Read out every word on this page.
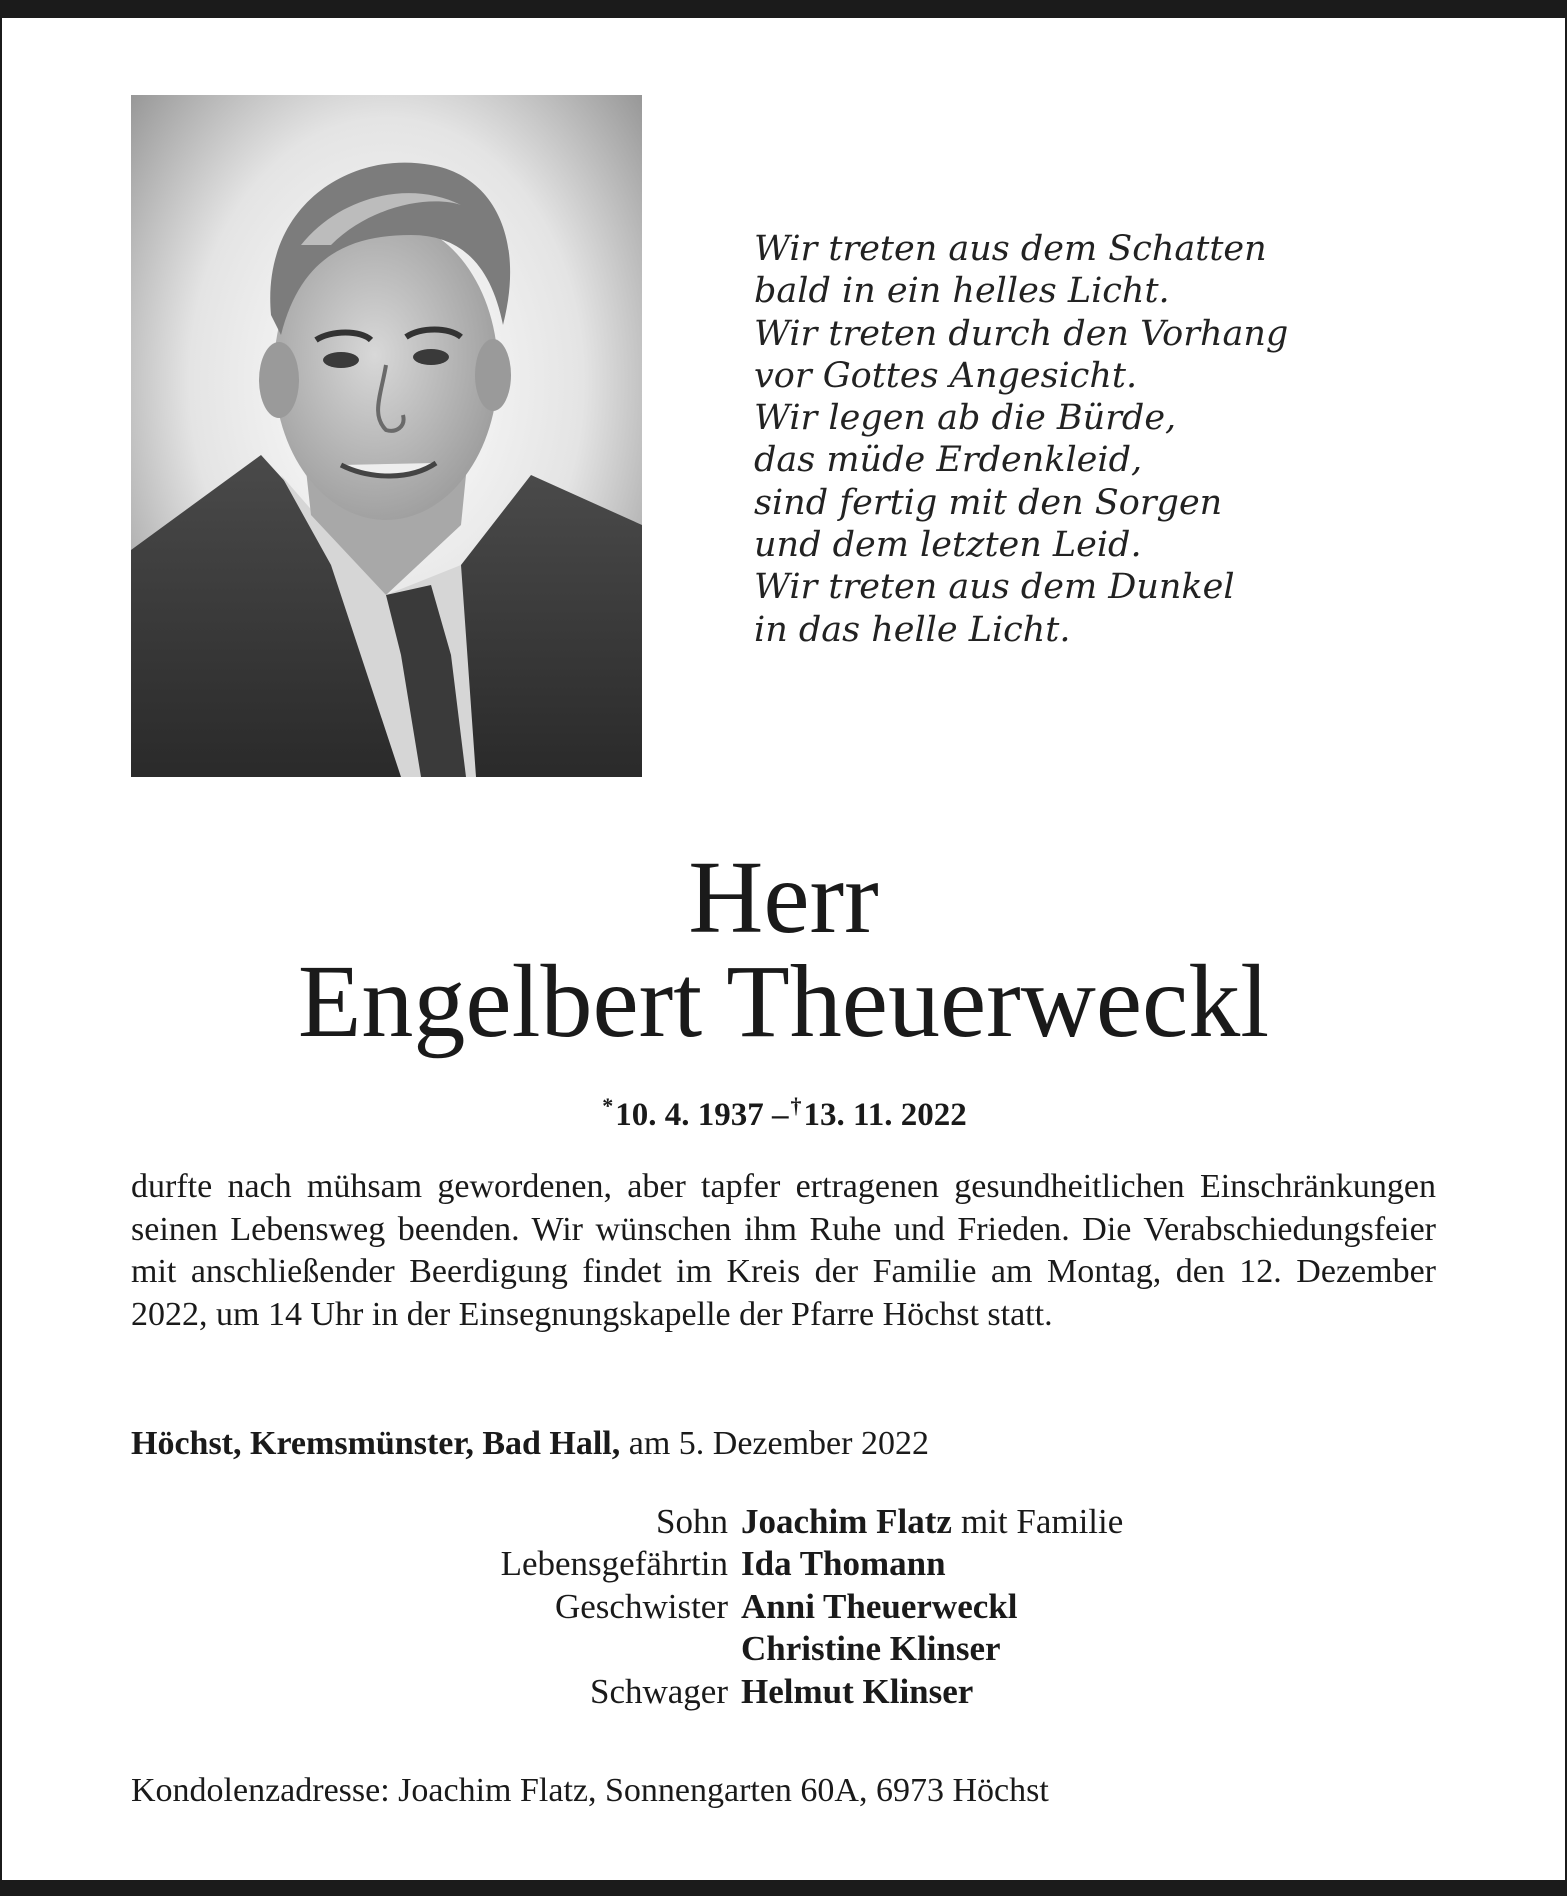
Wir treten aus dem Schatten
bald in ein helles Licht.
Wir treten durch den Vorhang
vor Gottes Angesicht.
Wir legen ab die Bürde,
das müde Erdenkleid,
sind fertig mit den Sorgen
und dem letzten Leid.
Wir treten aus dem Dunkel
in das helle Licht.
Herr
Engelbert Theuerweckl
*10. 4. 1937 –†13. 11. 2022
durfte nach mühsam gewordenen, aber tapfer ertragenen gesundheitlichen Einschränkungen seinen Lebensweg beenden. Wir wünschen ihm Ruhe und Frieden. Die Verabschiedungsfeier mit anschließender Beerdigung findet im Kreis der Familie am Montag, den 12. Dezember 2022, um 14 Uhr in der Einsegnungskapelle der Pfarre Höchst statt.
Höchst, Kremsmünster, Bad Hall, am 5. Dezember 2022
Sohn Joachim Flatz mit Familie
Lebensgefährtin Ida Thomann
Geschwister Anni Theuerweckl
Christine Klinser
Schwager Helmut Klinser
Kondolenzadresse: Joachim Flatz, Sonnengarten 60A, 6973 Höchst
